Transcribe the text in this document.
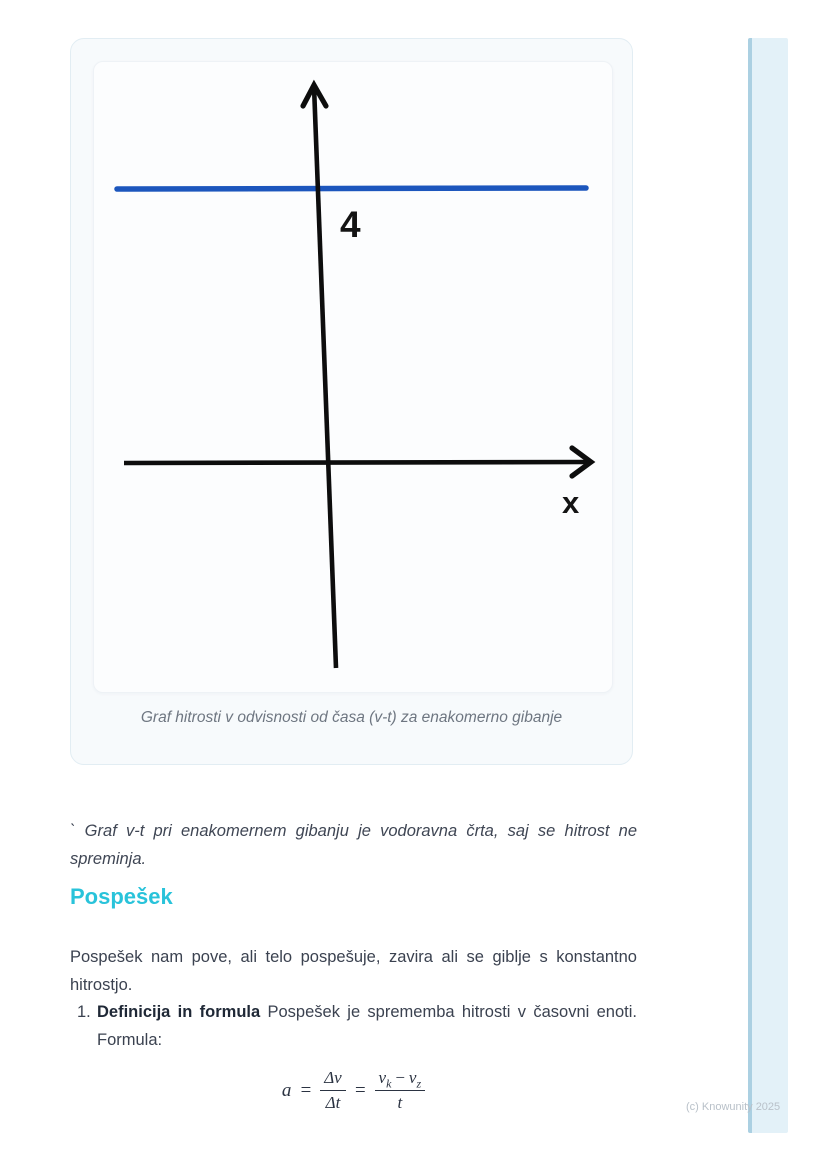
4
x
Graf hitrosti v odvisnosti od časa (v-t) za enakomerno gibanje

` Graf v-t pri enakomernem gibanju je vodoravna črta, saj se hitrost ne spreminja.

Pospešek

Pospešek nam pove, ali telo pospešuje, zavira ali se giblje s konstantno hitrostjo.

1. Definicija in formula Pospešek je sprememba hitrosti v časovni enoti. Formula:
$a = \frac{\Delta v}{\Delta t} = \frac{v_k - v_z}{t}$	(c) Knowunity 2025
